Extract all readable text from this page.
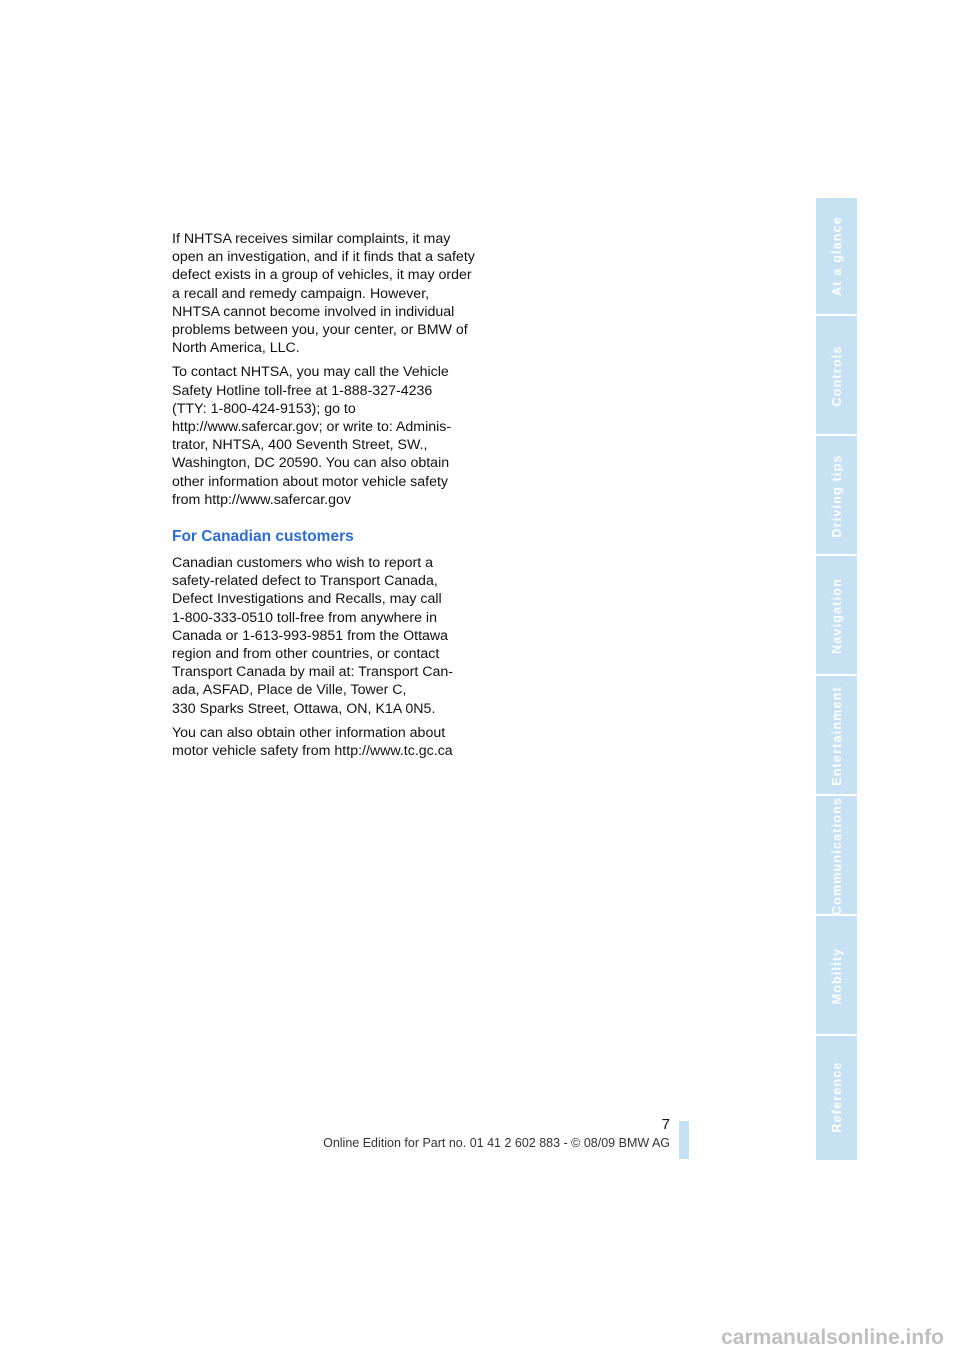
If NHTSA receives similar complaints, it may
open an investigation, and if it finds that a safety
defect exists in a group of vehicles, it may order
a recall and remedy campaign. However,
NHTSA cannot become involved in individual
problems between you, your center, or BMW of
North America, LLC.

To contact NHTSA, you may call the Vehicle
Safety Hotline toll-free at 1-888-327-4236
(TTY: 1-800-424-9153); go to
http://www.safercar.gov; or write to: Adminis-
trator, NHTSA, 400 Seventh Street, SW.,
Washington, DC 20590. You can also obtain
other information about motor vehicle safety
from http://www.safercar.gov

For Canadian customers

Canadian customers who wish to report a
safety-related defect to Transport Canada,
Defect Investigations and Recalls, may call
1-800-333-0510 toll-free from anywhere in
Canada or 1-613-993-9851 from the Ottawa
region and from other countries, or contact
Transport Canada by mail at: Transport Can-
ada, ASFAD, Place de Ville, Tower C,
330 Sparks Street, Ottawa, ON, K1A 0N5.

You can also obtain other information about
motor vehicle safety from http://www.tc.gc.ca

At a glance
Controls
Driving tips
Navigation
Entertainment
Communications
Mobility
Reference
7
Online Edition for Part no. 01 41 2 602 883 - © 08/09 BMW AG
carmanualsonline.info
